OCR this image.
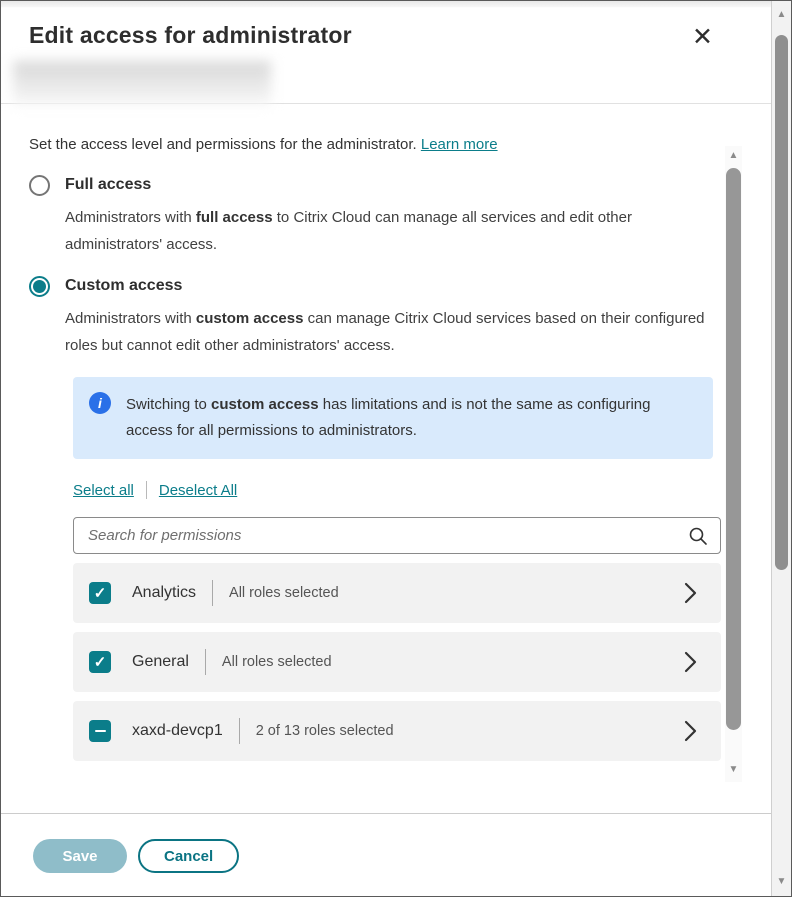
Edit access for administrator	✕
Set the access level and permissions for the administrator. Learn more
Full access
Administrators with full access to Citrix Cloud can manage all services and edit other administrators' access.
Custom access
Administrators with custom access can manage Citrix Cloud services based on their configured roles but cannot edit other administrators' access.
i	Switching to custom access has limitations and is not the same as configuring access for all permissions to administrators.
Select all Deselect All
Search for permissions
✓ Analytics All roles selected
✓ General All roles selected
xaxd-devcp1 2 of 13 roles selected
▲
▼
Save	Cancel
▲
▼
